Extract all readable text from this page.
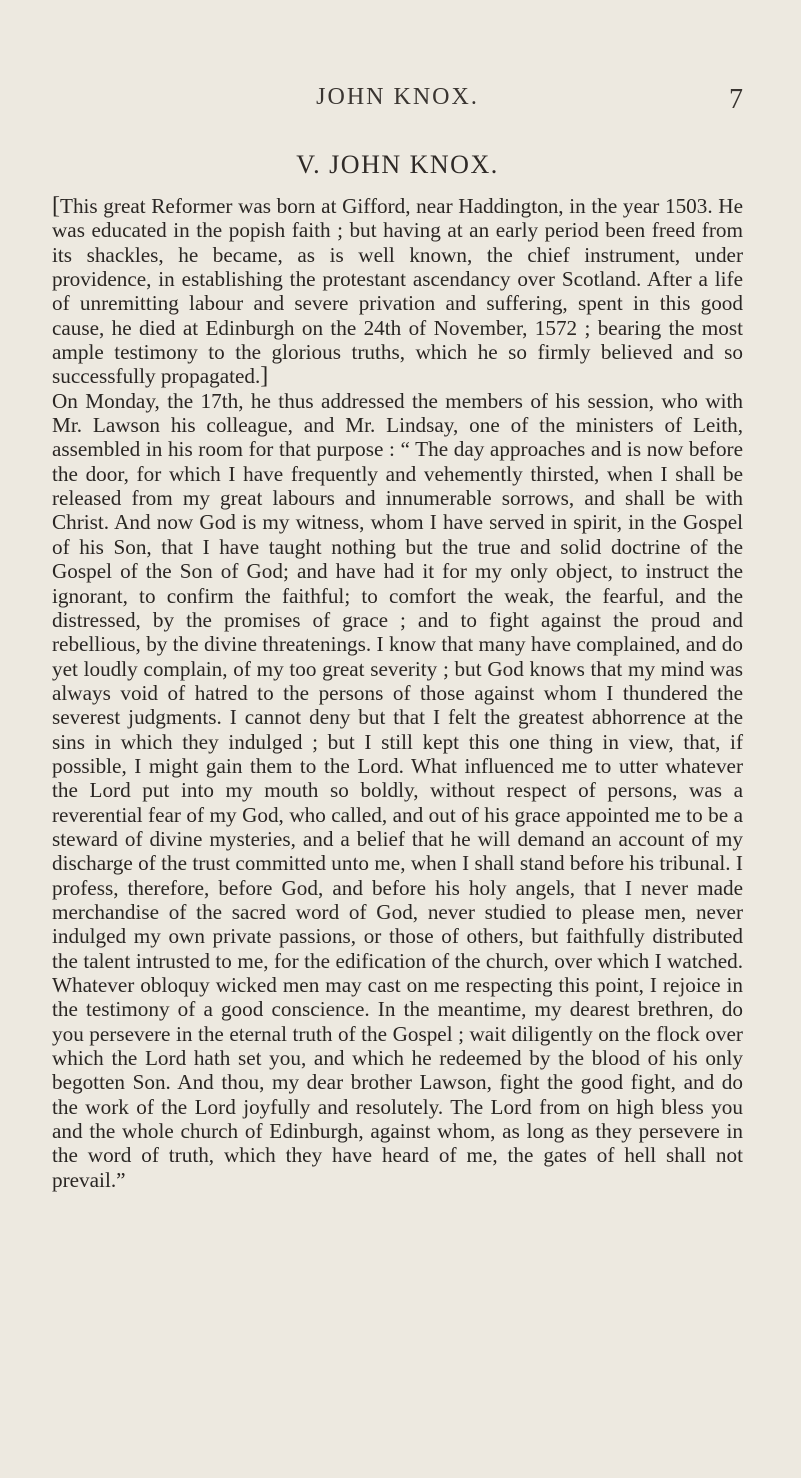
JOHN KNOX.	7
V. JOHN KNOX.

[This great Reformer was born at Gifford, near Haddington, in the year 1503. He was educated in the popish faith ; but having at an early period been freed from its shackles, he became, as is well known, the chief instrument, under providence, in establishing the protestant ascendancy over Scotland. After a life of unremitting labour and severe privation and suffering, spent in this good cause, he died at Edinburgh on the 24th of November, 1572 ; bearing the most ample testimony to the glorious truths, which he so firmly believed and so successfully propagated.]

On Monday, the 17th, he thus addressed the members of his session, who with Mr. Lawson his colleague, and Mr. Lindsay, one of the ministers of Leith, assembled in his room for that purpose : “ The day approaches and is now before the door, for which I have frequently and vehemently thirsted, when I shall be released from my great labours and innumerable sorrows, and shall be with Christ. And now God is my witness, whom I have served in spirit, in the Gospel of his Son, that I have taught nothing but the true and solid doctrine of the Gospel of the Son of God; and have had it for my only object, to instruct the ignorant, to confirm the faithful; to comfort the weak, the fearful, and the distressed, by the promises of grace ; and to fight against the proud and rebellious, by the divine threatenings. I know that many have complained, and do yet loudly complain, of my too great severity ; but God knows that my mind was always void of hatred to the persons of those against whom I thundered the severest judgments. I cannot deny but that I felt the greatest abhorrence at the sins in which they indulged ; but I still kept this one thing in view, that, if possible, I might gain them to the Lord. What influenced me to utter whatever the Lord put into my mouth so boldly, without respect of persons, was a reverential fear of my God, who called, and out of his grace appointed me to be a steward of divine mysteries, and a belief that he will demand an account of my discharge of the trust committed unto me, when I shall stand before his tribunal. I profess, therefore, before God, and before his holy angels, that I never made merchandise of the sacred word of God, never studied to please men, never indulged my own private passions, or those of others, but faithfully distributed the talent intrusted to me, for the edification of the church, over which I watched. Whatever obloquy wicked men may cast on me respecting this point, I rejoice in the testimony of a good conscience. In the meantime, my dearest brethren, do you persevere in the eternal truth of the Gospel ; wait diligently on the flock over which the Lord hath set you, and which he redeemed by the blood of his only begotten Son. And thou, my dear brother Lawson, fight the good fight, and do the work of the Lord joyfully and resolutely. The Lord from on high bless you and the whole church of Edinburgh, against whom, as long as they persevere in the word of truth, which they have heard of me, the gates of hell shall not prevail.”
